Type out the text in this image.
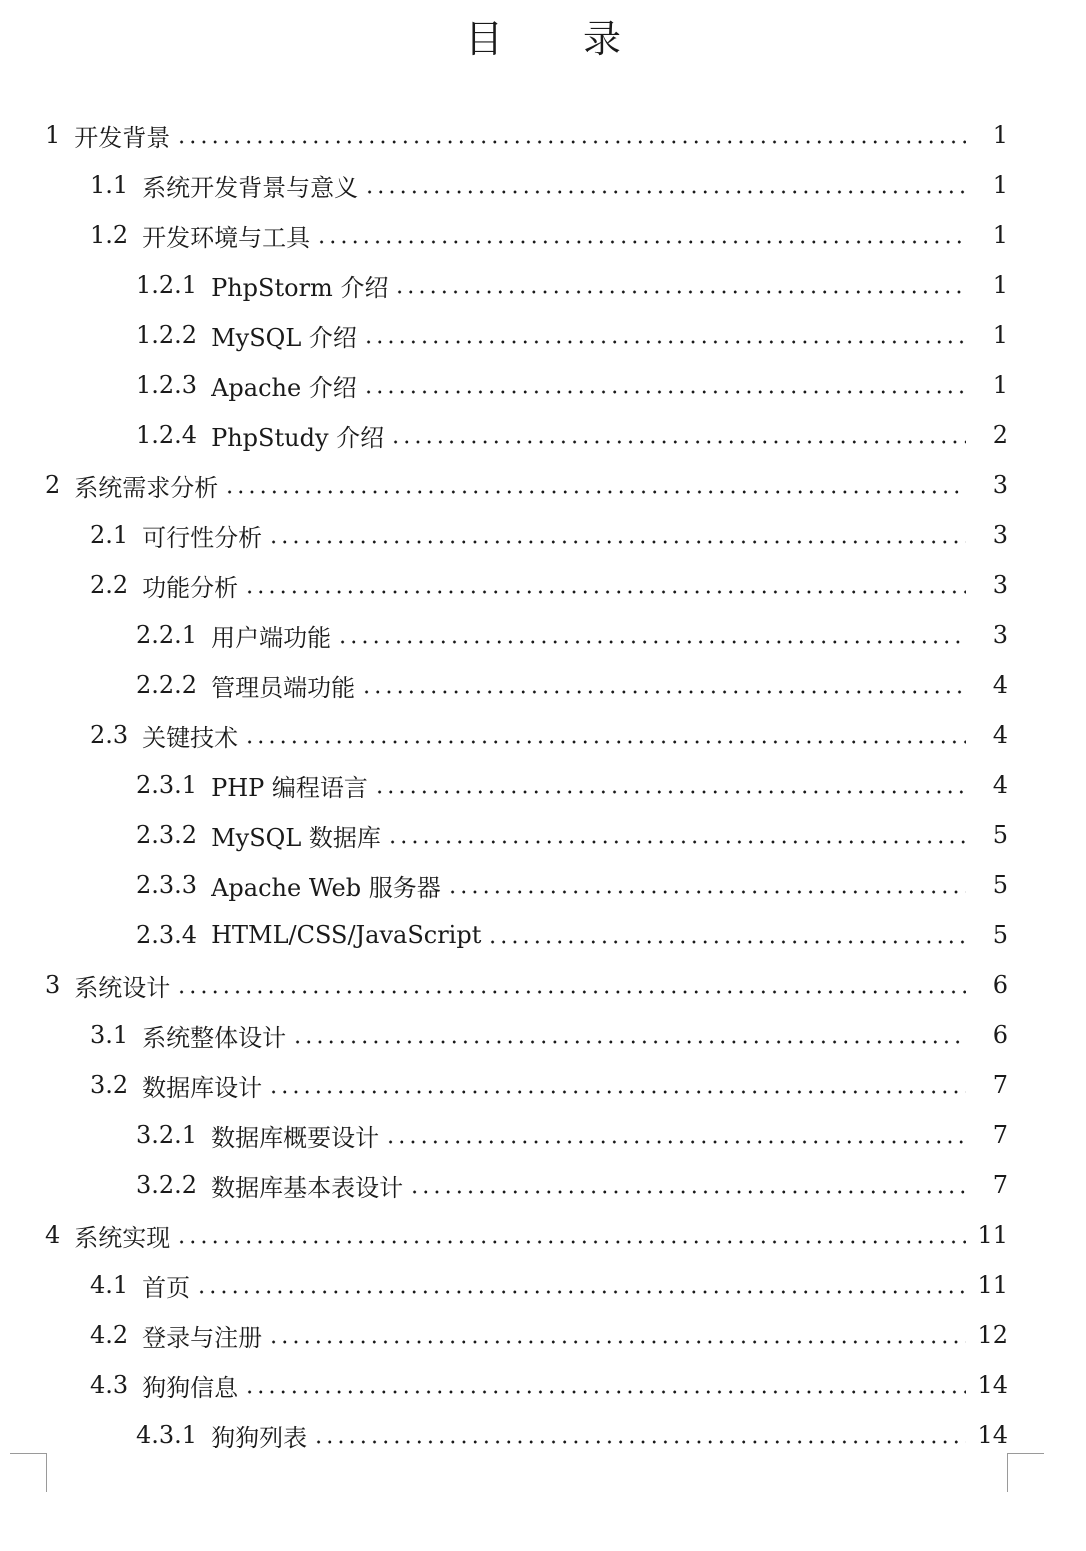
目 录
1 开发背景	1
1.1 系统开发背景与意义	1
1.2 开发环境与工具	1
1.2.1 PhpStorm 介绍	1
1.2.2 MySQL 介绍	1
1.2.3 Apache 介绍	1
1.2.4 PhpStudy 介绍	2
2 系统需求分析	3
2.1 可行性分析	3
2.2 功能分析	3
2.2.1 用户端功能	3
2.2.2 管理员端功能	4
2.3 关键技术	4
2.3.1 PHP 编程语言	4
2.3.2 MySQL 数据库	5
2.3.3 Apache Web 服务器	5
2.3.4 HTML/CSS/JavaScript	5
3 系统设计	6
3.1 系统整体设计	6
3.2 数据库设计	7
3.2.1 数据库概要设计	7
3.2.2 数据库基本表设计	7
4 系统实现	11
4.1 首页	11
4.2 登录与注册	12
4.3 狗狗信息	14
4.3.1 狗狗列表	14
